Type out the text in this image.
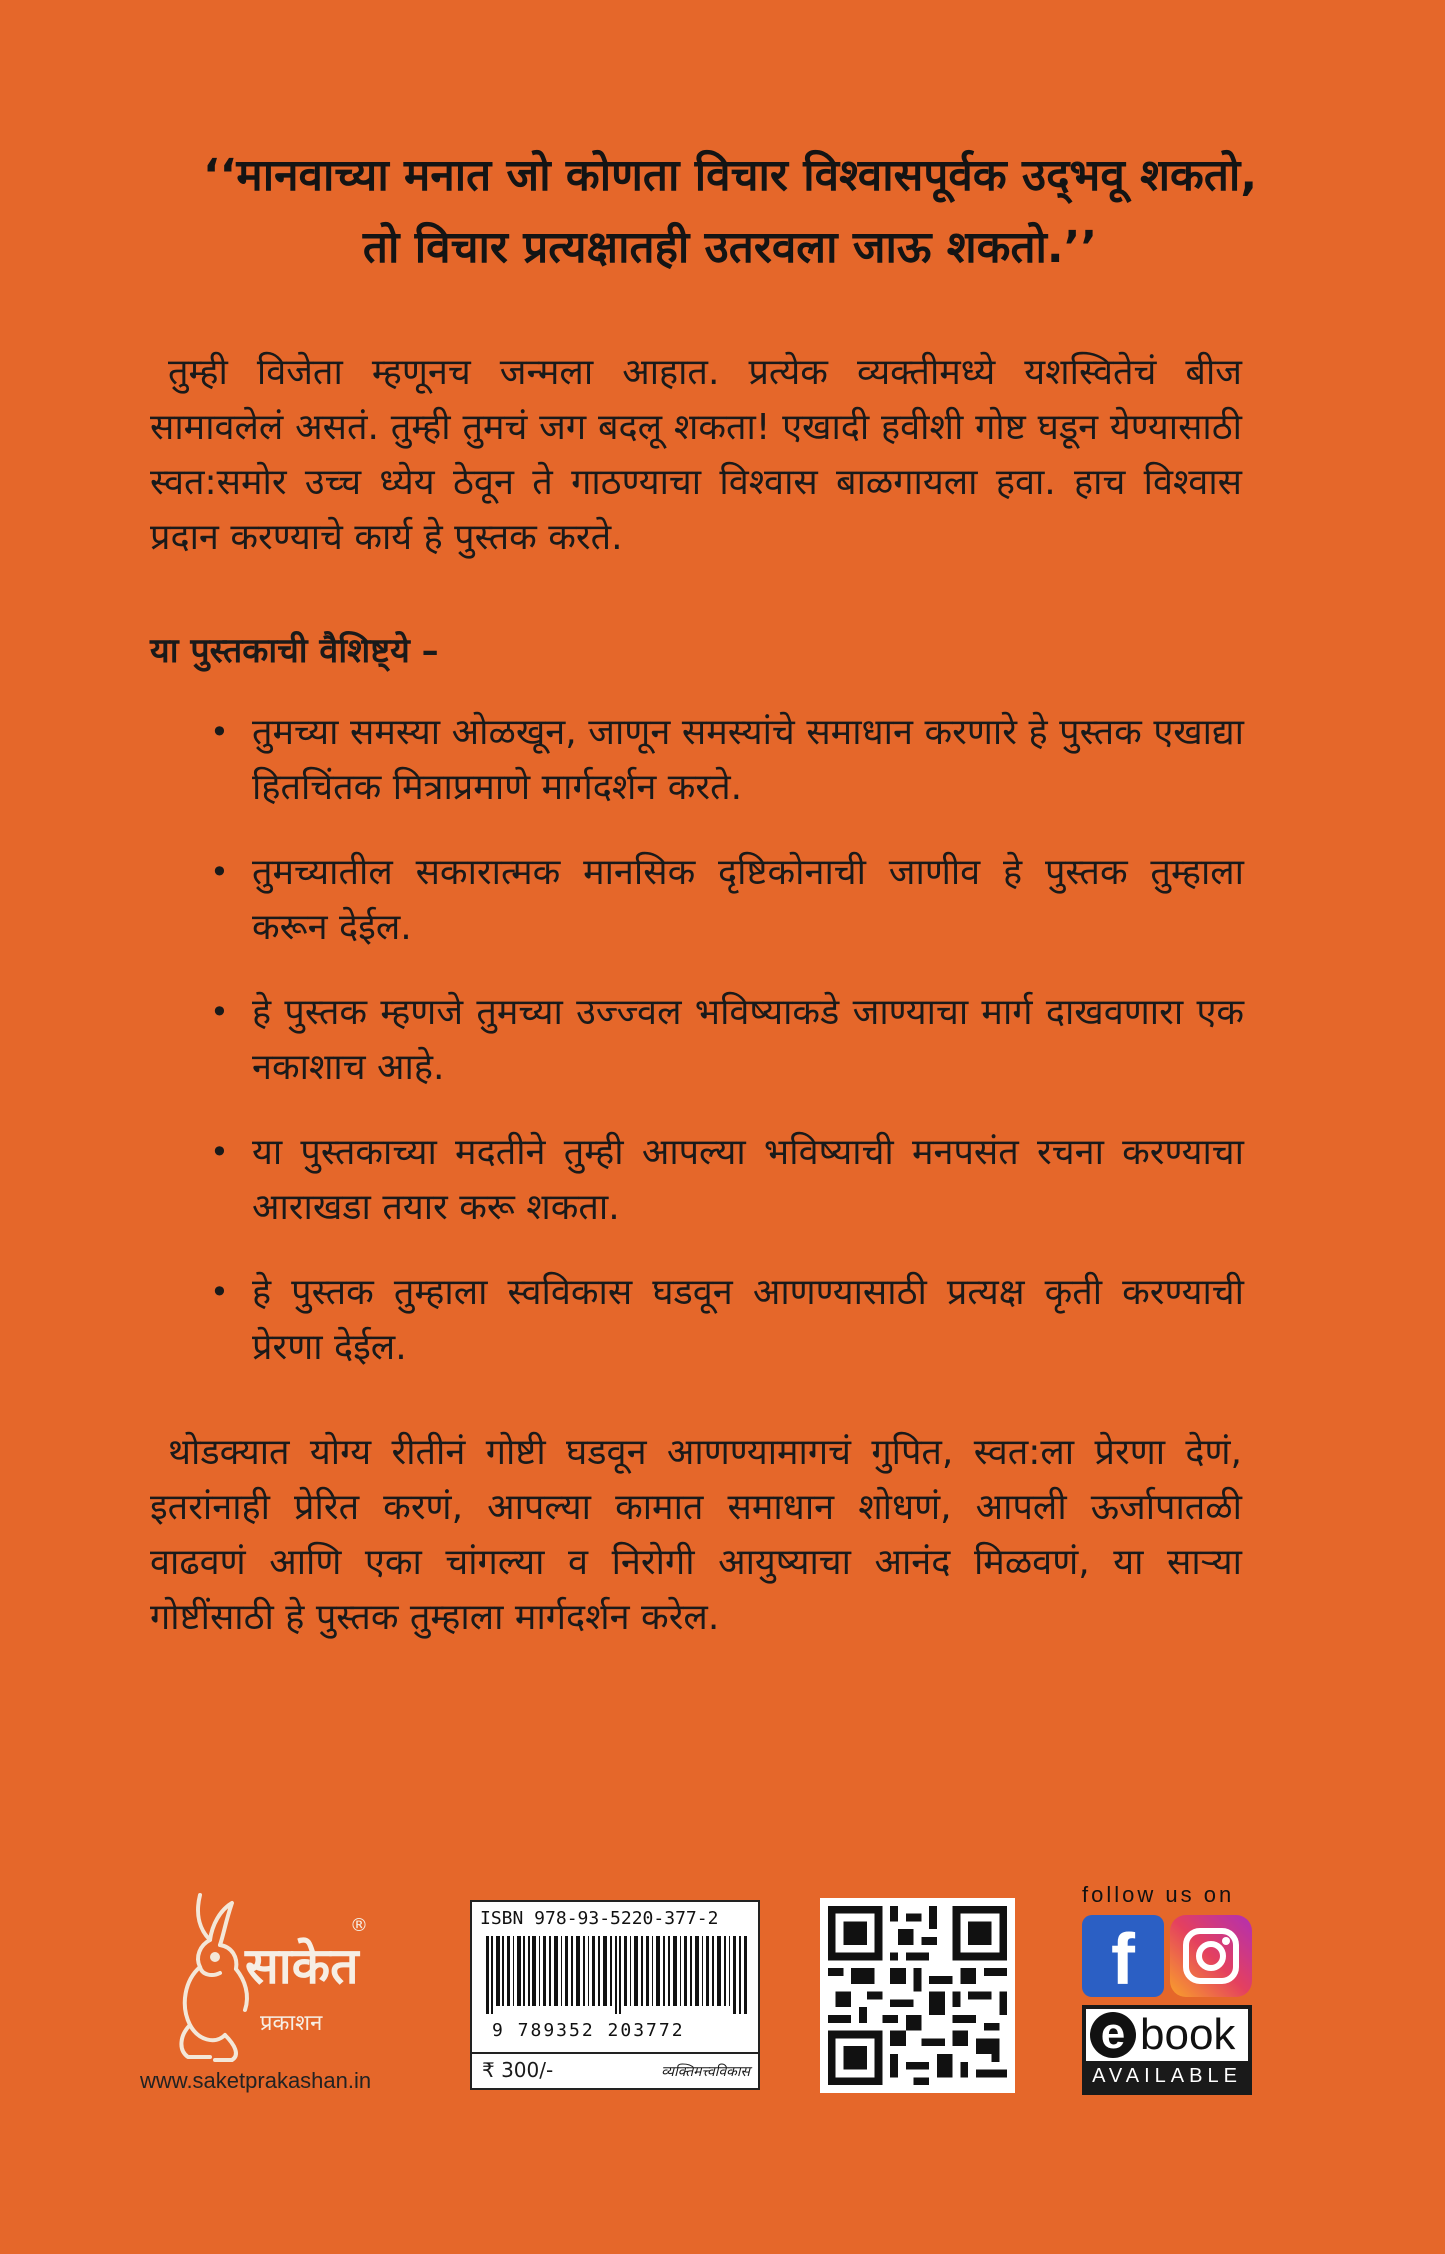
‘‘मानवाच्या मनात जो कोणता विचार विश्वासपूर्वक उद्‌भवू शकतो,
तो विचार प्रत्यक्षातही उतरवला जाऊ शकतो.’’

तुम्ही विजेता म्हणूनच जन्मला आहात. प्रत्येक व्यक्तीमध्ये यशस्वितेचं बीज सामावलेलं असतं. तुम्ही तुमचं जग बदलू शकता! एखादी हवीशी गोष्ट घडून येण्यासाठी स्वत:समोर उच्च ध्येय ठेवून ते गाठण्याचा विश्वास बाळगायला हवा. हाच विश्वास प्रदान करण्याचे कार्य हे पुस्तक करते.

या पुस्तकाची वैशिष्ट्ये –
• तुमच्या समस्या ओळखून, जाणून समस्यांचे समाधान करणारे हे पुस्तक एखाद्या हितचिंतक मित्राप्रमाणे मार्गदर्शन करते.
• तुमच्यातील सकारात्मक मानसिक दृष्टिकोनाची जाणीव हे पुस्तक तुम्हाला करून देईल.
• हे पुस्तक म्हणजे तुमच्या उज्ज्वल भविष्याकडे जाण्याचा मार्ग दाखवणारा एक नकाशाच आहे.
• या पुस्तकाच्या मदतीने तुम्ही आपल्या भविष्याची मनपसंत रचना करण्याचा आराखडा तयार करू शकता.
• हे पुस्तक तुम्हाला स्वविकास घडवून आणण्यासाठी प्रत्यक्ष कृती करण्याची प्रेरणा देईल.

थोडक्यात योग्य रीतीनं गोष्टी घडवून आणण्यामागचं गुपित, स्वत:ला प्रेरणा देणं, इतरांनाही प्रेरित करणं, आपल्या कामात समाधान शोधणं, आपली ऊर्जापातळी वाढवणं आणि एका चांगल्या व निरोगी आयुष्याचा आनंद मिळवणं, या साऱ्या गोष्टींसाठी हे पुस्तक तुम्हाला मार्गदर्शन करेल.

साकेत
®
प्रकाशन
www.saketprakashan.in
ISBN 978-93-5220-377-2
9 789352 203772
₹ 300/-	व्यक्तिमत्त्वविकास
follow us on
f
e book
AVAILABLE
